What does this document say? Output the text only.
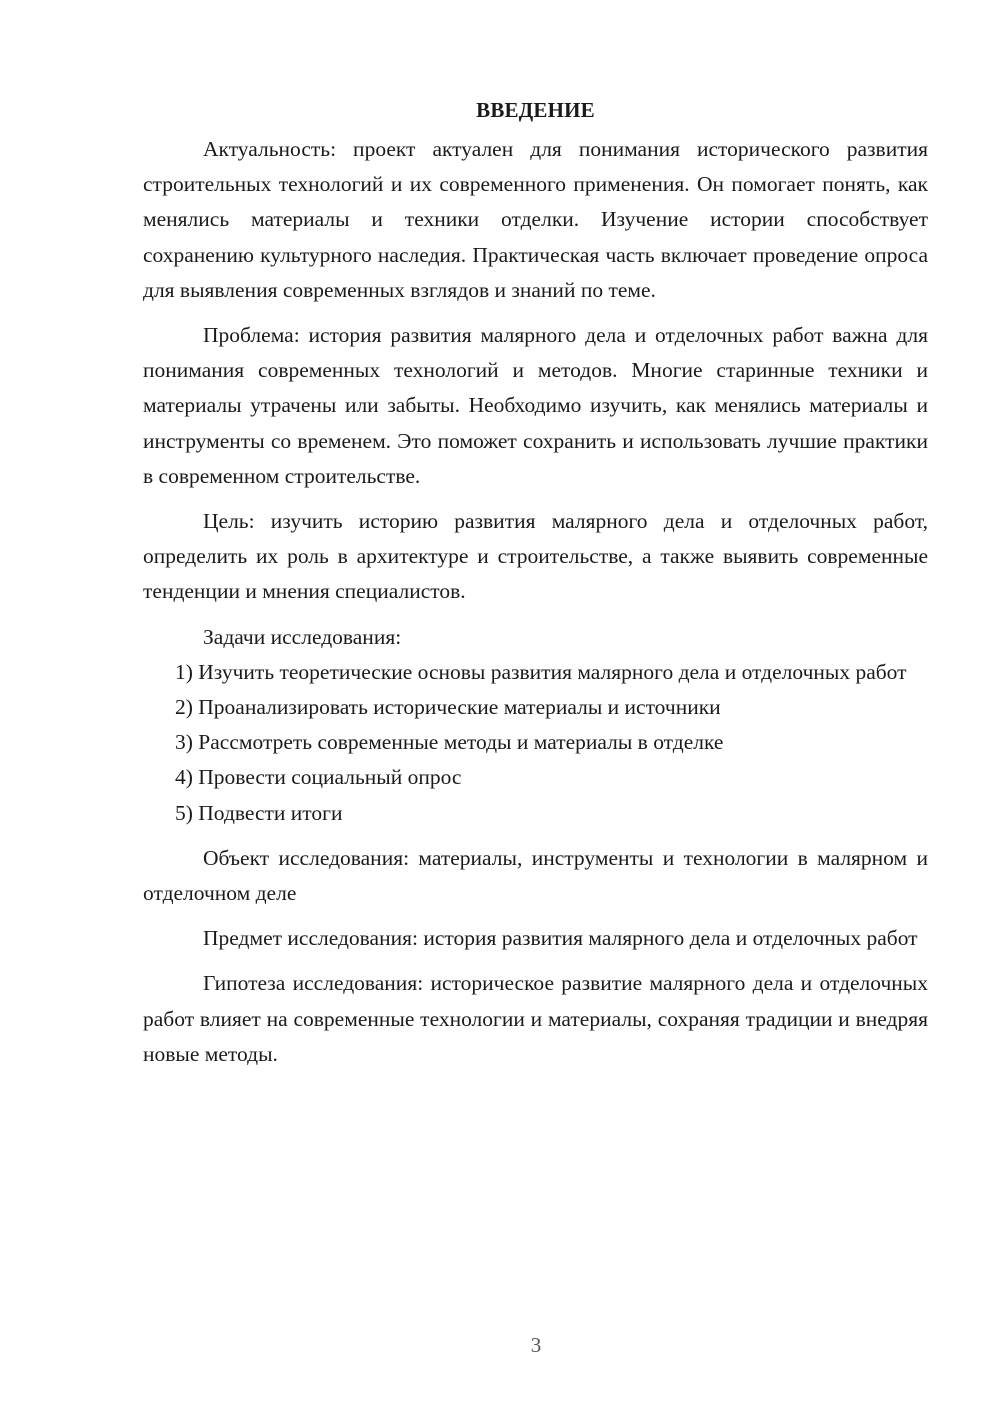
ВВЕДЕНИЕ

Актуальность: проект актуален для понимания исторического развития строительных технологий и их современного применения. Он помогает понять, как менялись материалы и техники отделки. Изучение истории способствует сохранению культурного наследия. Практическая часть включает проведение опроса для выявления современных взглядов и знаний по теме.

Проблема: история развития малярного дела и отделочных работ важна для понимания современных технологий и методов. Многие старинные техники и материалы утрачены или забыты. Необходимо изучить, как менялись материалы и инструменты со временем. Это поможет сохранить и использовать лучшие практики в современном строительстве.

Цель: изучить историю развития малярного дела и отделочных работ, определить их роль в архитектуре и строительстве, а также выявить современные тенденции и мнения специалистов.

Задачи исследования:

1) Изучить теоретические основы развития малярного дела и отделочных работ

2) Проанализировать исторические материалы и источники

3) Рассмотреть современные методы и материалы в отделке

4) Провести социальный опрос

5) Подвести итоги

Объект исследования: материалы, инструменты и технологии в малярном и отделочном деле

Предмет исследования: история развития малярного дела и отделочных работ

Гипотеза исследования: историческое развитие малярного дела и отделочных работ влияет на современные технологии и материалы, сохраняя традиции и внедряя новые методы.

3
